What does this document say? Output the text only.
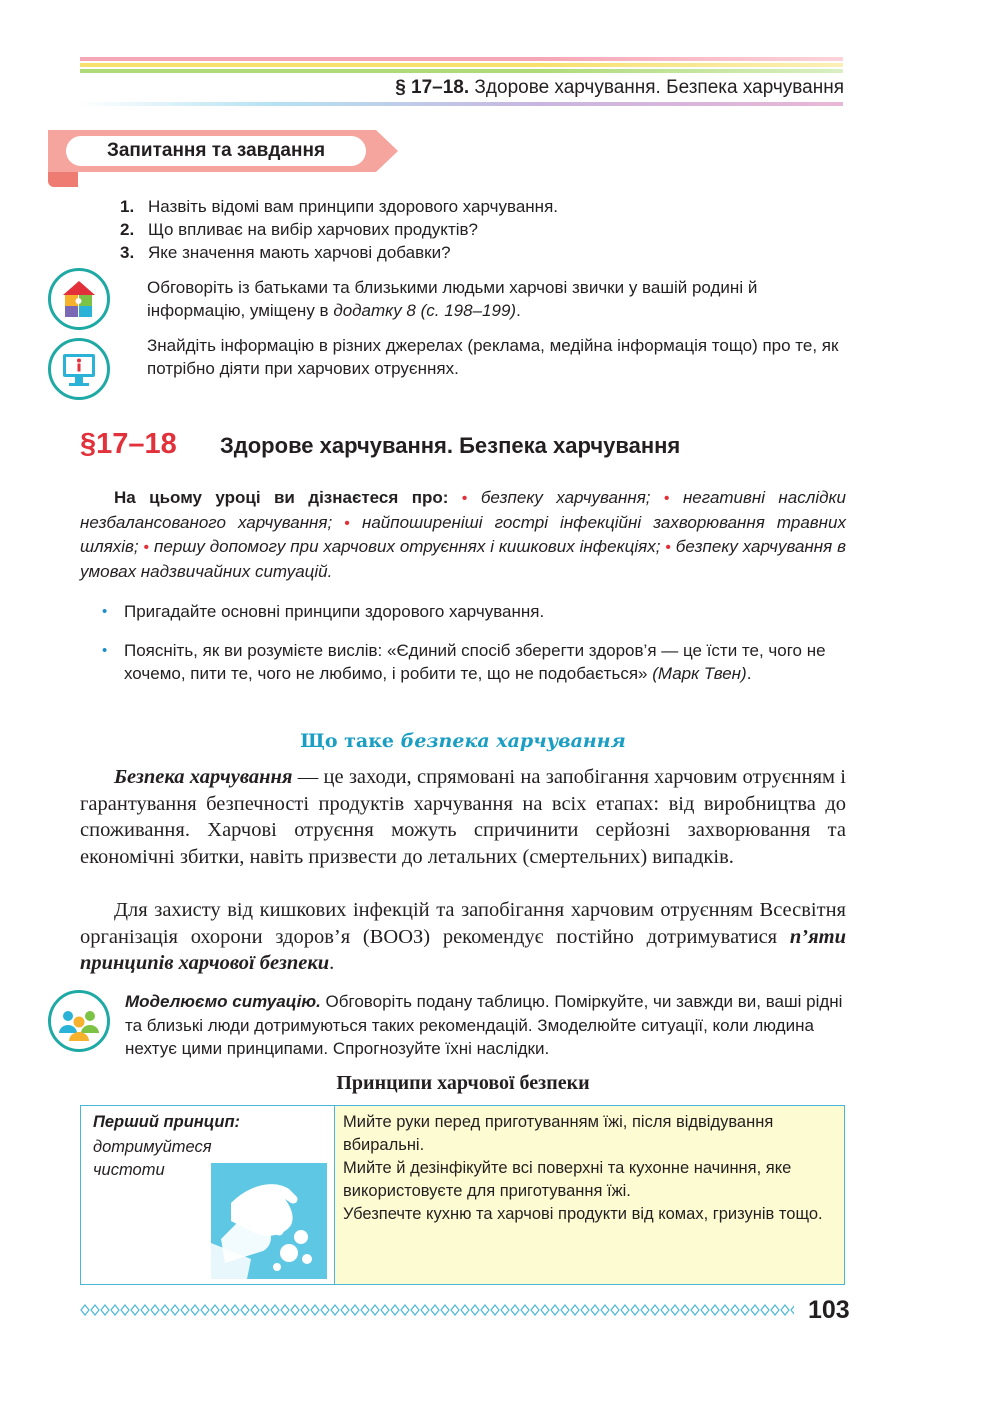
§ 17–18. Здорове харчування. Безпека харчування
Запитання та завдання
1. Назвіть відомі вам принципи здорового харчування.
2. Що впливає на вибір харчових продуктів?
3. Яке значення мають харчові добавки?
Обговоріть із батьками та близькими людьми харчові звички у вашій родині й інформацію, уміщену в додатку 8 (с. 198–199).
Знайдіть інформацію в різних джерелах (реклама, медійна інформація тощо) про те, як потрібно діяти при харчових отруєннях.
§17–18 Здорове харчування. Безпека харчування
На цьому уроці ви дізнаєтеся про: • безпеку харчування; • негативні наслідки незбалансованого харчування; • найпоширеніші гострі інфекційні захворювання травних шляхів; • першу допомогу при харчових отруєннях і кишкових інфекціях; • безпеку харчування в умовах надзвичайних ситуацій.
• Пригадайте основні принципи здорового харчування.
• Поясніть, як ви розумієте вислів: «Єдиний спосіб зберегти здоров’я — це їсти те, чого не хочемо, пити те, чого не любимо, і робити те, що не подобається» (Марк Твен).
Що таке безпека харчування

Безпека харчування — це заходи, спрямовані на запобігання харчовим отруєнням і гарантування безпечності продуктів харчування на всіх етапах: від виробництва до споживання. Харчові отруєння можуть спричинити серйозні захворювання та економічні збитки, навіть призвести до летальних (смертельних) випадків.

Для захисту від кишкових інфекцій та запобігання харчовим отруєнням Всесвітня організація охорони здоров’я (ВООЗ) рекомендує постійно дотримуватися п’яти принципів харчової безпеки.

Моделюємо ситуацію. Обговоріть подану таблицю. Поміркуйте, чи завжди ви, ваші рідні та близькі люди дотримуються таких рекомендацій. Змоделюйте ситуації, коли людина нехтує цими принципами. Спрогнозуйте їхні наслідки.
Принципи харчової безпеки
Перший принцип:
дотримуйтеся чистоти

Мийте руки перед приготуванням їжі, після відвідування вбиральні.

Мийте й дезінфікуйте всі поверхні та кухонне начиння, яке використовуєте для приготування їжі.

Убезпечте кухню та харчові продукти від комах, гризунів тощо.

103
